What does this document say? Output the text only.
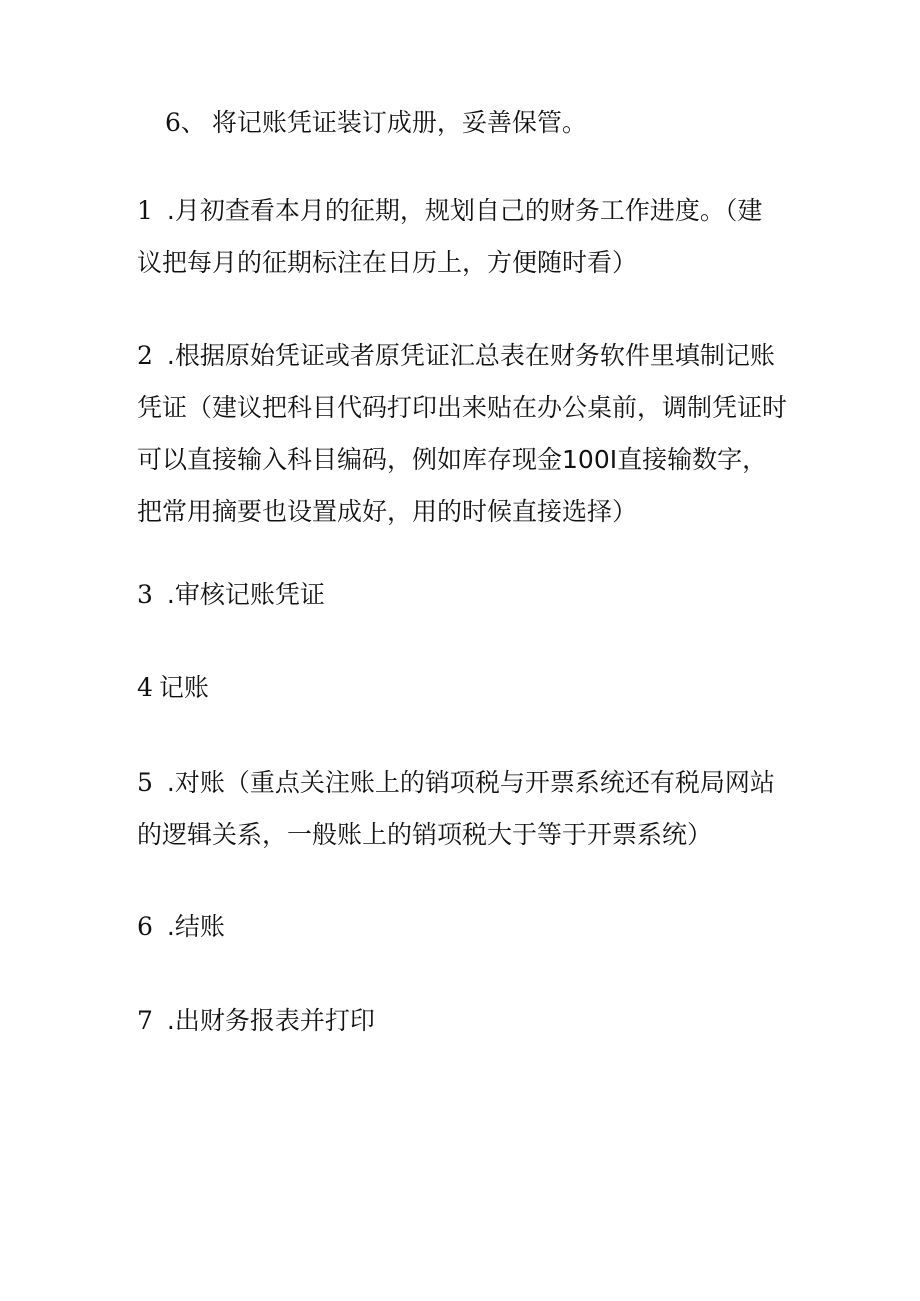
6、 将记账凭证装订成册，妥善保管。

1 .月初查看本月的征期，规划自己的财务工作进度。（建议把每月的征期标注在日历上，方便随时看）

2 .根据原始凭证或者原凭证汇总表在财务软件里填制记账凭证（建议把科目代码打印出来贴在办公桌前，调制凭证时可以直接输入科目编码，例如库存现金100I直接输数字，把常用摘要也设置成好，用的时候直接选择）

3 .审核记账凭证

4 记账

5 .对账（重点关注账上的销项税与开票系统还有税局网站的逻辑关系，一般账上的销项税大于等于开票系统）

6 .结账

7 .出财务报表并打印
